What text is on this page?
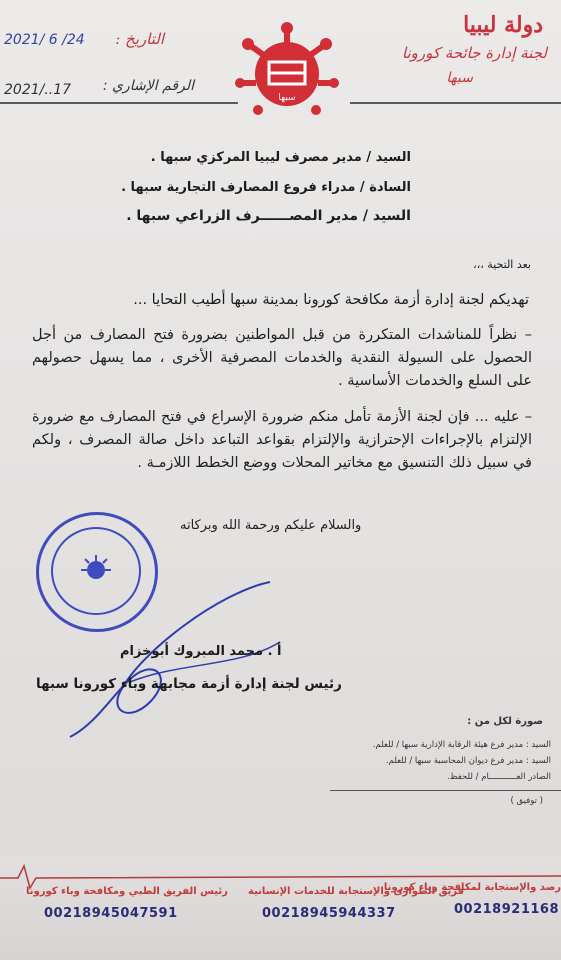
دولة ليبيا
لجنة إدارة جائحة كورونا
سبها
سبها
2021/ 6 /24 التاريخ :
2021/..17 الرقم الإشاري :
السيد / مدير مصرف ليبيا المركزي سبها .
السادة / مدراء فروع المصارف التجارية سبها .
السيد / مدير المصــــــرف الزراعي سبها .
بعد التحية ،،،
تهديكم لجنة إدارة أزمة مكافحة كورونا بمدينة سبها أطيب التحايا ...
– نظراً للمناشدات المتكررة من قبل المواطنين بضرورة فتح المصارف من أجل الحصول على السيولة النقدية والخدمات المصرفية الأخرى ، مما يسهل حصولهم على السلع والخدمات الأساسية .
– عليه ... فإن لجنة الأزمة تأمل منكم ضرورة الإسراع في فتح المصارف مع ضرورة الإلتزام بالإجراءات الإحترازية والإلتزام بقواعد التباعد داخل صالة المصرف ، ولكم في سبيل ذلك التنسيق مع مخاتير المحلات ووضع الخطط اللازمـة .
والسلام عليكم ورحمة الله وبركاته
أ . محمد المبروك أبوخزام
رئيس لجنة إدارة أزمة مجابهة وباء كورونا سبها
صورة لكل من :
السيد : مدير فرع هيئة الرقابة الإدارية سبها / للعلم.
السيد : مدير فرع ديوان المحاسبة سبها / للعلم.
الصادر العـــــــــــام / للحفظ.
( توفيق )
رئيس الفريق الطبي ومكافحة وباء كورونا
00218945047591
فريق الطوارئ والإستجابة للخدمات الإنسانية
00218945944337
رصد والإستجابة لمكافحة وباء كورونا
00218921168
